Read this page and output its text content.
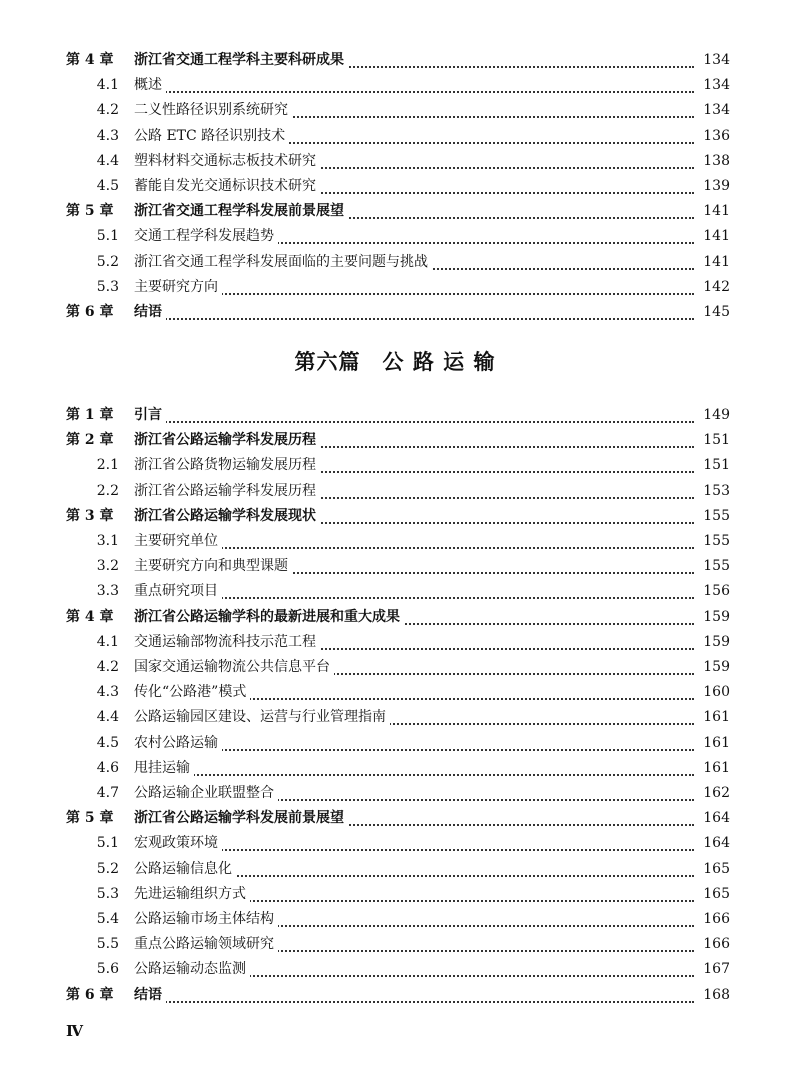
第 4 章 浙江省交通工程学科主要科研成果	134
4.1 概述	134
4.2 二义性路径识别系统研究	134
4.3 公路 ETC 路径识别技术	136
4.4 塑料材料交通标志板技术研究	138
4.5 蓄能自发光交通标识技术研究	139
第 5 章 浙江省交通工程学科发展前景展望	141
5.1 交通工程学科发展趋势	141
5.2 浙江省交通工程学科发展面临的主要问题与挑战	141
5.3 主要研究方向	142
第 6 章 结语	145
第六篇　公 路 运 输
第 1 章 引言	149
第 2 章 浙江省公路运输学科发展历程	151
2.1 浙江省公路货物运输发展历程	151
2.2 浙江省公路运输学科发展历程	153
第 3 章 浙江省公路运输学科发展现状	155
3.1 主要研究单位	155
3.2 主要研究方向和典型课题	155
3.3 重点研究项目	156
第 4 章 浙江省公路运输学科的最新进展和重大成果	159
4.1 交通运输部物流科技示范工程	159
4.2 国家交通运输物流公共信息平台	159
4.3 传化“公路港”模式	160
4.4 公路运输园区建设、运营与行业管理指南	161
4.5 农村公路运输	161
4.6 甩挂运输	161
4.7 公路运输企业联盟整合	162
第 5 章 浙江省公路运输学科发展前景展望	164
5.1 宏观政策环境	164
5.2 公路运输信息化	165
5.3 先进运输组织方式	165
5.4 公路运输市场主体结构	166
5.5 重点公路运输领域研究	166
5.6 公路运输动态监测	167
第 6 章 结语	168
Ⅳ
